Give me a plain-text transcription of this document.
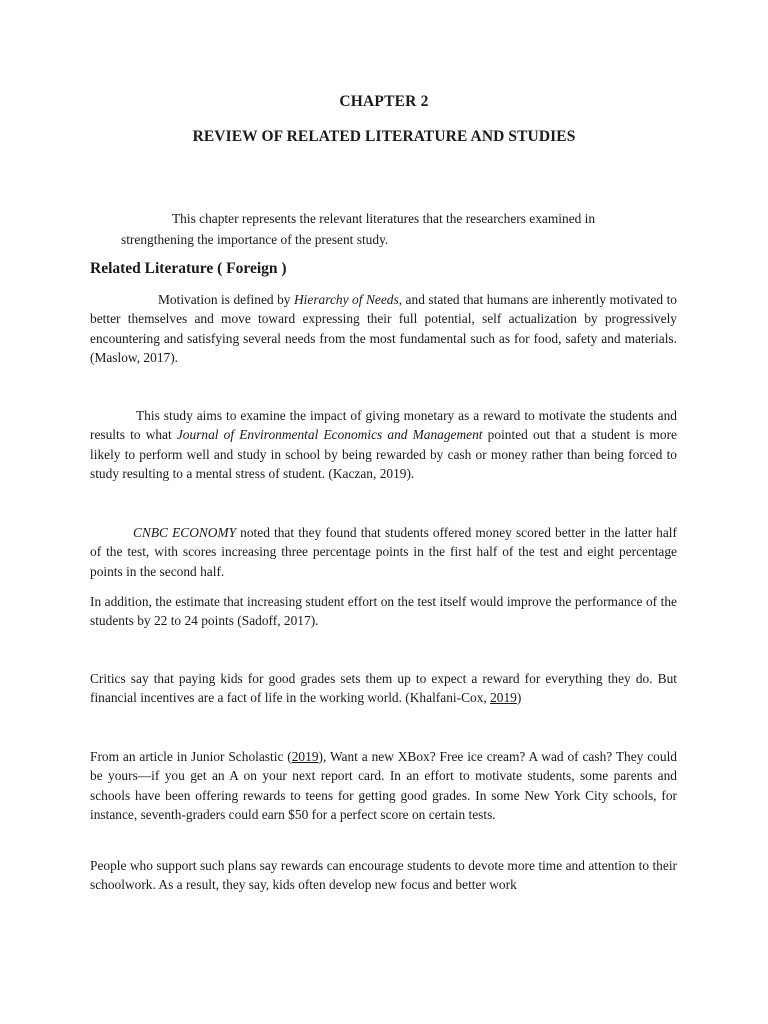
CHAPTER 2
REVIEW OF RELATED LITERATURE AND STUDIES
This chapter represents the relevant literatures that the researchers examined in strengthening the importance of the present study.
Related Literature ( Foreign )
Motivation is defined by Hierarchy of Needs, and stated that humans are inherently motivated to better themselves and move toward expressing their full potential, self actualization by progressively encountering and satisfying several needs from the most fundamental such as for food, safety and materials. (Maslow, 2017).
This study aims to examine the impact of giving monetary as a reward to motivate the students and results to what Journal of Environmental Economics and Management pointed out that a student is more likely to perform well and study in school by being rewarded by cash or money rather than being forced to study resulting to a mental stress of student. (Kaczan, 2019).
CNBC ECONOMY noted that they found that students offered money scored better in the latter half of the test, with scores increasing three percentage points in the first half of the test and eight percentage points in the second half.
In addition, the estimate that increasing student effort on the test itself would improve the performance of the students by 22 to 24 points (Sadoff, 2017).
Critics say that paying kids for good grades sets them up to expect a reward for everything they do. But financial incentives are a fact of life in the working world. (Khalfani-Cox, 2019)
From an article in Junior Scholastic (2019), Want a new XBox? Free ice cream? A wad of cash? They could be yours—if you get an A on your next report card. In an effort to motivate students, some parents and schools have been offering rewards to teens for getting good grades. In some New York City schools, for instance, seventh-graders could earn $50 for a perfect score on certain tests.
People who support such plans say rewards can encourage students to devote more time and attention to their schoolwork. As a result, they say, kids often develop new focus and better work
